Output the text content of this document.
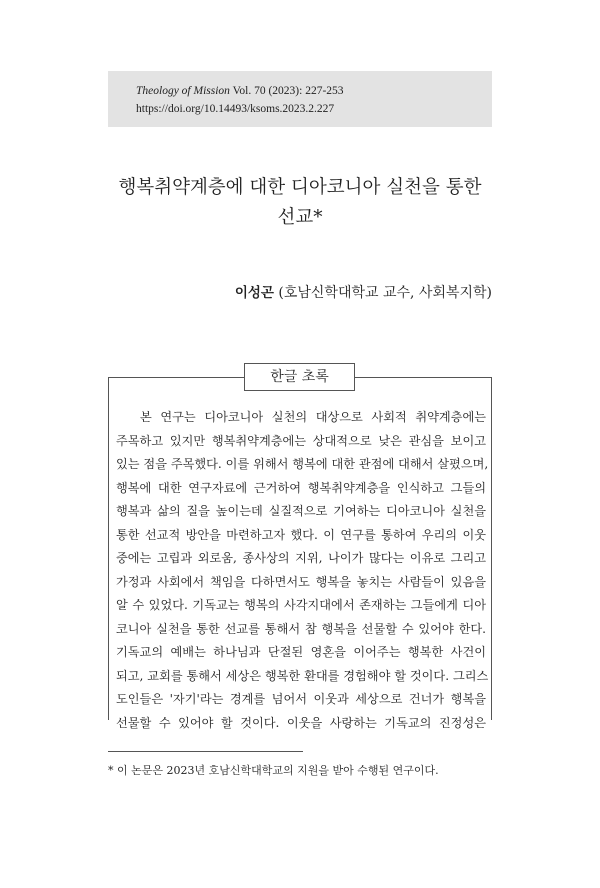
Theology of Mission Vol. 70 (2023): 227-253
https://doi.org/10.14493/ksoms.2023.2.227
행복취약계층에 대한 디아코니아 실천을 통한
선교*
이성곤 (호남신학대학교 교수, 사회복지학)
한글 초록
본 연구는 디아코니아 실천의 대상으로 사회적 취약계층에는
주목하고 있지만 행복취약계층에는 상대적으로 낮은 관심을 보이고
있는 점을 주목했다. 이를 위해서 행복에 대한 관점에 대해서 살폈으며,
행복에 대한 연구자료에 근거하여 행복취약계층을 인식하고 그들의
행복과 삶의 질을 높이는데 실질적으로 기여하는 디아코니아 실천을
통한 선교적 방안을 마련하고자 했다. 이 연구를 통하여 우리의 이웃
중에는 고립과 외로움, 종사상의 지위, 나이가 많다는 이유로 그리고
가정과 사회에서 책임을 다하면서도 행복을 놓치는 사람들이 있음을
알 수 있었다. 기독교는 행복의 사각지대에서 존재하는 그들에게 디아
코니아 실천을 통한 선교를 통해서 참 행복을 선물할 수 있어야 한다.
기독교의 예배는 하나님과 단절된 영혼을 이어주는 행복한 사건이
되고, 교회를 통해서 세상은 행복한 환대를 경험해야 할 것이다. 그리스
도인들은 '자기'라는 경계를 넘어서 이웃과 세상으로 건너가 행복을
선물할 수 있어야 할 것이다. 이웃을 사랑하는 기독교의 진정성은
* 이 논문은 2023년 호남신학대학교의 지원을 받아 수행된 연구이다.
